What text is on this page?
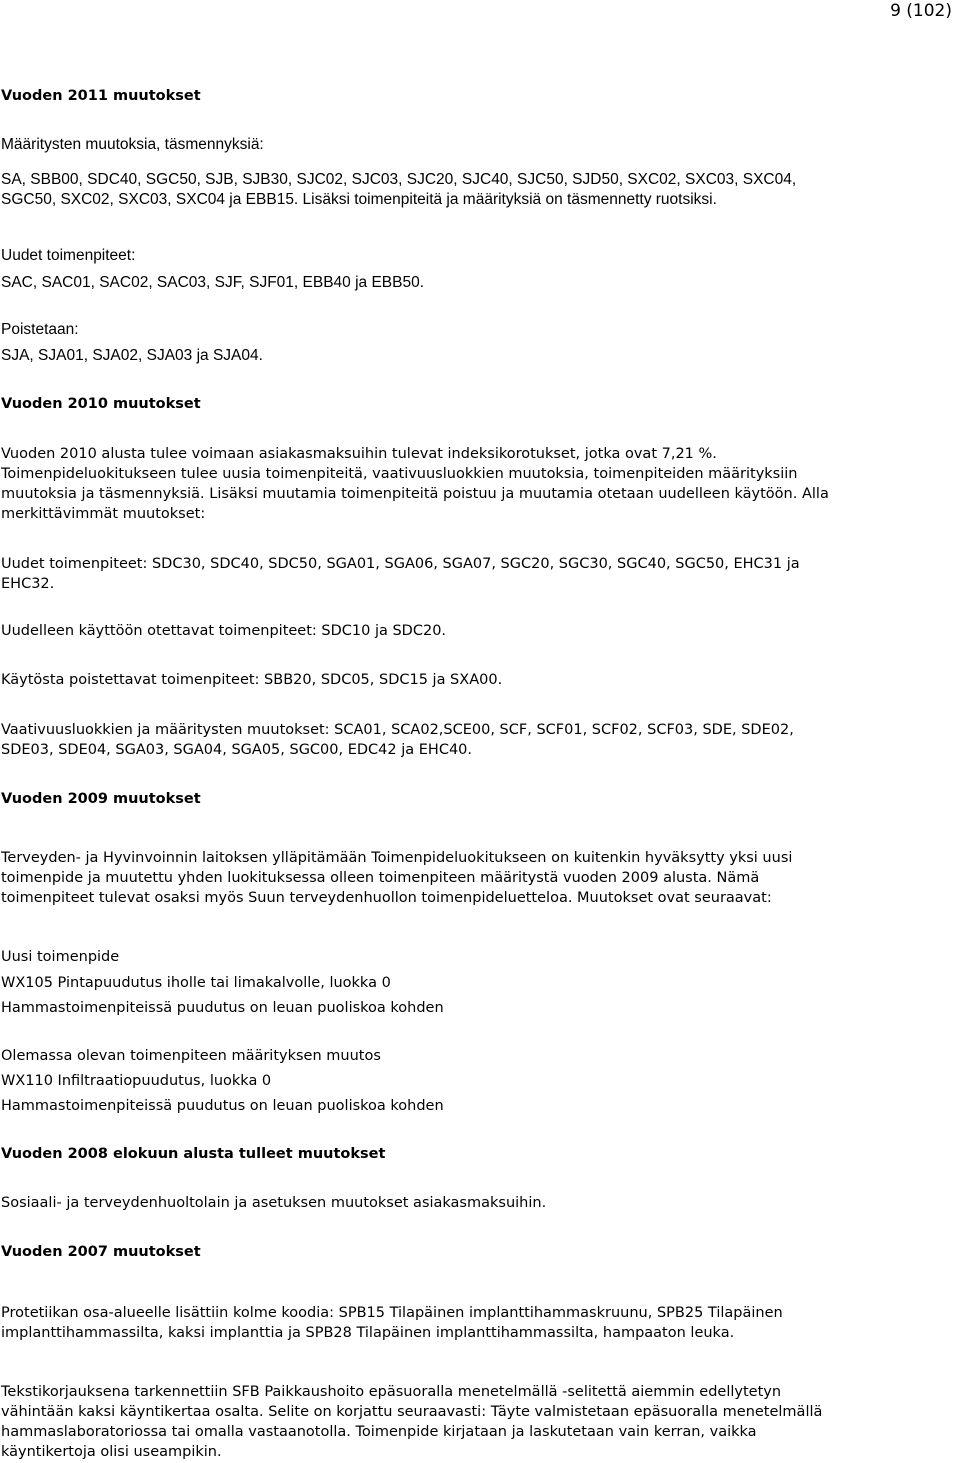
9 (102)
Vuoden 2011 muutokset
Määritysten muutoksia, täsmennyksiä:
SA, SBB00, SDC40, SGC50, SJB, SJB30, SJC02, SJC03, SJC20, SJC40, SJC50, SJD50, SXC02, SXC03, SXC04,
SGC50, SXC02, SXC03, SXC04 ja EBB15. Lisäksi toimenpiteitä ja määrityksiä on täsmennetty ruotsiksi.
Uudet toimenpiteet:
SAC, SAC01, SAC02, SAC03, SJF, SJF01, EBB40 ja EBB50.
Poistetaan:
SJA, SJA01, SJA02, SJA03 ja SJA04.
Vuoden 2010 muutokset
Vuoden 2010 alusta tulee voimaan asiakasmaksuihin tulevat indeksikorotukset, jotka ovat 7,21 %.
Toimenpideluokitukseen tulee uusia toimenpiteitä, vaativuusluokkien muutoksia, toimenpiteiden määrityksiin
muutoksia ja täsmennyksiä. Lisäksi muutamia toimenpiteitä poistuu ja muutamia otetaan uudelleen käytöön. Alla
merkittävimmät muutokset:
Uudet toimenpiteet: SDC30, SDC40, SDC50, SGA01, SGA06, SGA07, SGC20, SGC30, SGC40, SGC50, EHC31 ja
EHC32.
Uudelleen käyttöön otettavat toimenpiteet: SDC10 ja SDC20.
Käytösta poistettavat toimenpiteet: SBB20, SDC05, SDC15 ja SXA00.
Vaativuusluokkien ja määritysten muutokset: SCA01, SCA02,SCE00, SCF, SCF01, SCF02, SCF03, SDE, SDE02,
SDE03, SDE04, SGA03, SGA04, SGA05, SGC00, EDC42 ja EHC40.
Vuoden 2009 muutokset
Terveyden- ja Hyvinvoinnin laitoksen ylläpitämään Toimenpideluokitukseen on kuitenkin hyväksytty yksi uusi
toimenpide ja muutettu yhden luokituksessa olleen toimenpiteen määritystä vuoden 2009 alusta. Nämä
toimenpiteet tulevat osaksi myös Suun terveydenhuollon toimenpideluetteloa. Muutokset ovat seuraavat:
Uusi toimenpide
WX105 Pintapuudutus iholle tai limakalvolle, luokka 0
Hammastoimenpiteissä puudutus on leuan puoliskoa kohden
Olemassa olevan toimenpiteen määrityksen muutos
WX110 Infiltraatiopuudutus, luokka 0
Hammastoimenpiteissä puudutus on leuan puoliskoa kohden
Vuoden 2008 elokuun alusta tulleet muutokset
Sosiaali- ja terveydenhuoltolain ja asetuksen muutokset asiakasmaksuihin.
Vuoden 2007 muutokset
Protetiikan osa-alueelle lisättiin kolme koodia: SPB15 Tilapäinen implanttihammaskruunu, SPB25 Tilapäinen
implanttihammassilta, kaksi implanttia ja SPB28 Tilapäinen implanttihammassilta, hampaaton leuka.
Tekstikorjauksena tarkennettiin SFB Paikkaushoito epäsuoralla menetelmällä -selitettä aiemmin edellytetyn
vähintään kaksi käyntikertaa osalta. Selite on korjattu seuraavasti: Täyte valmistetaan epäsuoralla menetelmällä
hammaslaboratoriossa tai omalla vastaanotolla. Toimenpide kirjataan ja laskutetaan vain kerran, vaikka
käyntikertoja olisi useampikin.
